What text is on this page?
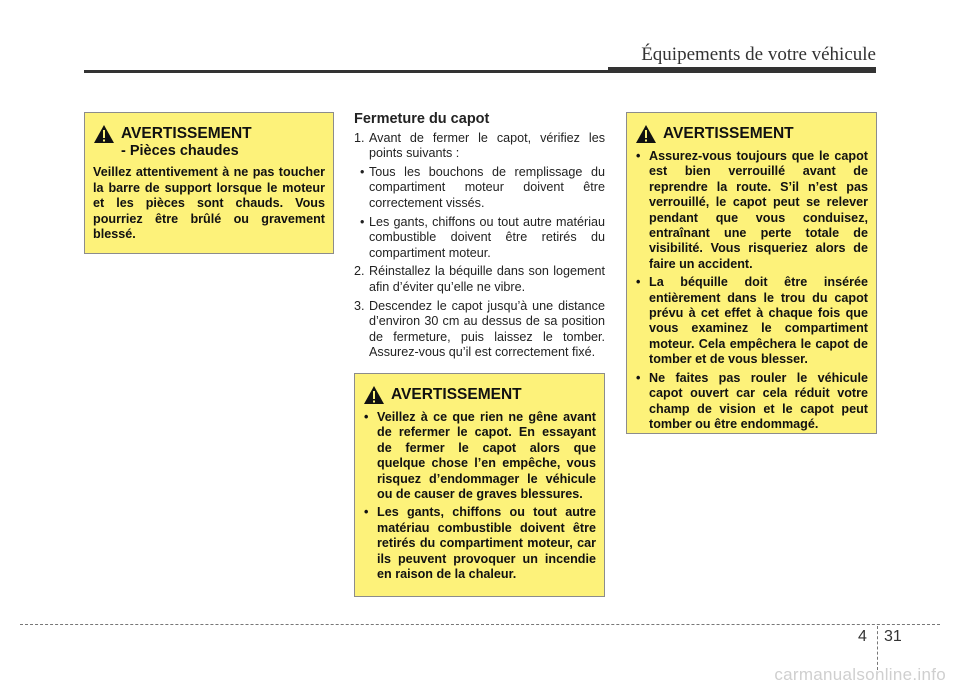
Équipements de votre véhicule
AVERTISSEMENT
- Pièces chaudes
Veillez attentivement à ne pas toucher la barre de support lorsque le moteur et les pièces sont chauds. Vous pourriez être brûlé ou gravement blessé.
Fermeture du capot
1. Avant de fermer le capot, vérifiez les points suivants :
• Tous les bouchons de remplissage du compartiment moteur doivent être correctement vissés.
• Les gants, chiffons ou tout autre matériau combustible doivent être retirés du compartiment moteur.
2. Réinstallez la béquille dans son logement afin d’éviter qu’elle ne vibre.
3. Descendez le capot jusqu’à une distance d’environ 30 cm au dessus de sa position de fermeture, puis laissez le tomber. Assurez-vous qu’il est correctement fixé.
AVERTISSEMENT
• Veillez à ce que rien ne gêne avant de refermer le capot. En essayant de fermer le capot alors que quelque chose l’en empêche, vous risquez d’endommager le véhicule ou de causer de graves blessures.
• Les gants, chiffons ou tout autre matériau combustible doivent être retirés du compartiment moteur, car ils peuvent provoquer un incendie en raison de la chaleur.
AVERTISSEMENT
• Assurez-vous toujours que le capot est bien verrouillé avant de reprendre la route. S’il n’est pas verrouillé, le capot peut se relever pendant que vous conduisez, entraînant une perte totale de visibilité. Vous risqueriez alors de faire un accident.
• La béquille doit être insérée entièrement dans le trou du capot prévu à cet effet à chaque fois que vous examinez le compartiment moteur. Cela empêchera le capot de tomber et de vous blesser.
• Ne faites pas rouler le véhicule capot ouvert car cela réduit votre champ de vision et le capot peut tomber ou être endommagé.
4 31
carmanualsonline.info
